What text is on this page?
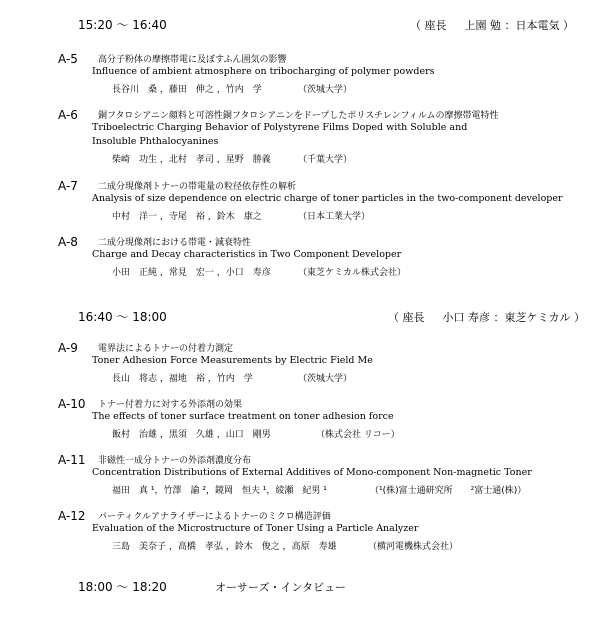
15:20 ～ 16:40	（ 座長 　 上園 勉 ：日本電気 ）
A-5 高分子粉体の摩擦帯電に及ぼすふん囲気の影響
Influence of ambient atmosphere on tribocharging of polymer powders
長谷川　桑 ，藤田　伸之 ，竹内　学	（茨城大学）
A-6 銅フタロシアニン顔料と可溶性銅フタロシアニンをドープしたポリスチレンフィルムの摩擦帯電特性
Triboelectric Charging Behavior of Polystyrene Films Doped with Soluble and
Insoluble Phthalocyanines
柴崎　功生 ，北村　孝司 ，星野　勝義	（千葉大学）
A-7 二成分現像剤トナーの帯電量の粒径依存性の解析
Analysis of size dependence on electric charge of toner particles in the two-component developer
中村　洋一 ，寺尾　裕 ，鈴木　康之	（日本工業大学）
A-8 二成分現像剤における帯電・減衰特性
Charge and Decay characteristics in Two Component Developer
小田　正純 ，常見　宏一 ，小口　寿彦	（東芝ケミカル株式会社）
16:40 ～ 18:00	（ 座長 　 小口 寿彦 ：東芝ケミカル ）
A-9 電界法によるトナーの付着力測定
Toner Adhesion Force Measurements by Electric Field Me
長山　将志 ，福地　裕 ，竹内　学	（茨城大学）
A-10 トナー付着力に対する外添剤の効果
The effects of toner surface treatment on toner adhesion force
飯村　治雄 ，黒須　久雄 ，山口　剛男	（株式会社 リコー）
A-11 非磁性一成分トナーの外添剤濃度分布
Concentration Distributions of External Additives of Mono-component Non-magnetic Toner
福田　真 ¹，竹澤　諭 ²，鏡岡　恒夫 ¹，綾瀬　紀男 ¹	（¹(株)富士通研究所　　²富士通(株)）
A-12 パーティクルアナライザーによるトナーのミクロ構造評価
Evaluation of the Microstructure of Toner Using a Particle Analyzer
三島　美奈子 ，高橋　孝弘 ，鈴木　俊之 ，高原　寿雄	（横河電機株式会社）
18:00 ～ 18:20	オーサーズ・インタビュー
